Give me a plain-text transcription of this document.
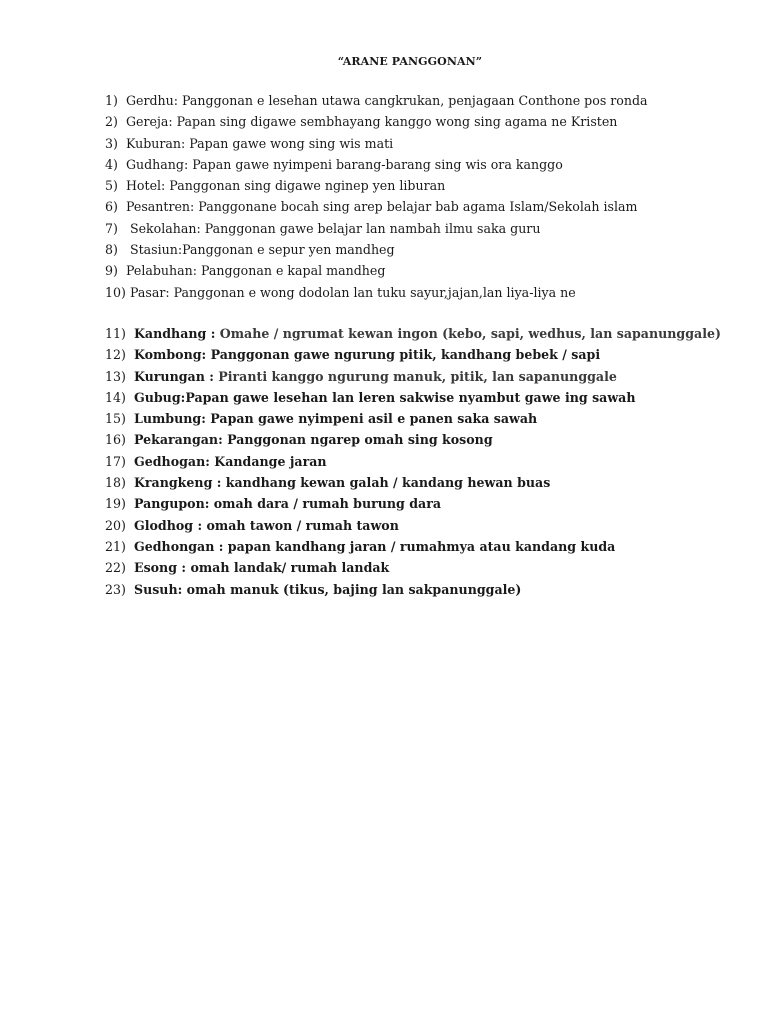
“ARANE PANGGONAN”
1) Gerdhu: Panggonan e lesehan utawa cangkrukan, penjagaan Conthone pos ronda
2) Gereja: Papan sing digawe sembhayang kanggo wong sing agama ne Kristen
3) Kuburan: Papan gawe wong sing wis mati
4) Gudhang: Papan gawe nyimpeni barang-barang sing wis ora kanggo
5) Hotel: Panggonan sing digawe nginep yen liburan
6) Pesantren: Panggonane bocah sing arep belajar bab agama Islam/Sekolah islam
7) Sekolahan: Panggonan gawe belajar lan nambah ilmu saka guru
8) Stasiun:Panggonan e sepur yen mandheg
9) Pelabuhan: Panggonan e kapal mandheg
10) Pasar: Panggonan e wong dodolan lan tuku sayur,jajan,lan liya-liya ne
11) Kandhang : Omahe / ngrumat kewan ingon (kebo, sapi, wedhus, lan sapanunggale)
12) Kombong: Panggonan gawe ngurung pitik, kandhang bebek / sapi
13) Kurungan : Piranti kanggo ngurung manuk, pitik, lan sapanunggale
14) Gubug:Papan gawe lesehan lan leren sakwise nyambut gawe ing sawah
15) Lumbung: Papan gawe nyimpeni asil e panen saka sawah
16) Pekarangan: Panggonan ngarep omah sing kosong
17) Gedhogan: Kandange jaran
18) Krangkeng : kandhang kewan galah / kandang hewan buas
19) Pangupon: omah dara / rumah burung dara
20) Glodhog : omah tawon / rumah tawon
21) Gedhongan : papan kandhang jaran / rumahmya atau kandang kuda
22) Esong : omah landak/ rumah landak
23) Susuh: omah manuk (tikus, bajing lan sakpanunggale)
